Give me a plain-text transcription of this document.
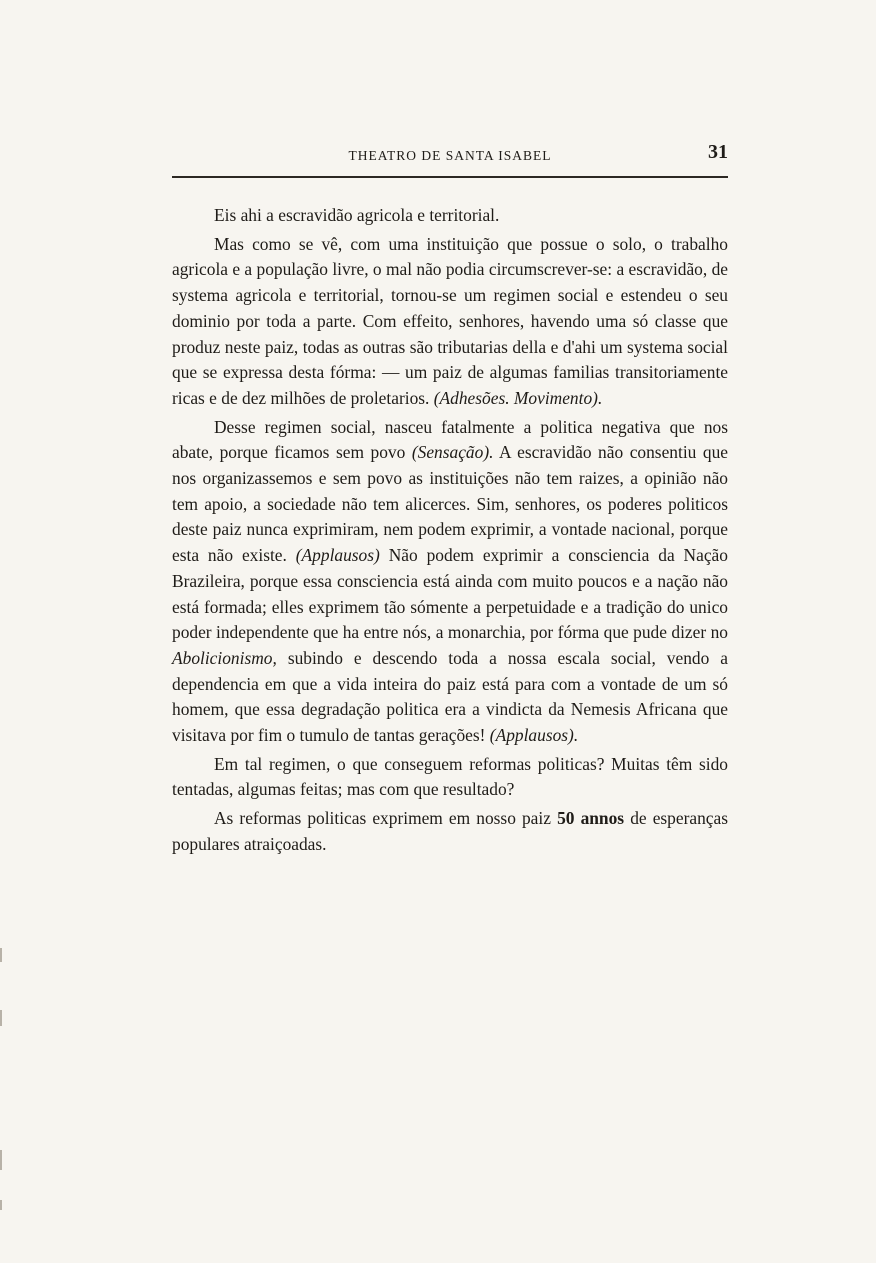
THEATRO DE SANTA ISABEL	31

Eis ahi a escravidão agricola e territorial.

Mas como se vê, com uma instituição que possue o solo, o trabalho agricola e a população livre, o mal não podia circumscrever-se: a escravidão, de systema agricola e territorial, tornou-se um regimen social e estendeu o seu dominio por toda a parte. Com effeito, senhores, havendo uma só classe que produz neste paiz, todas as outras são tributarias della e d'ahi um systema social que se expressa desta fórma: — um paiz de algumas familias transitoriamente ricas e de dez milhões de proletarios. (Adhesões. Movimento).

Desse regimen social, nasceu fatalmente a politica negativa que nos abate, porque ficamos sem povo (Sensação). A escravidão não consentiu que nos organizassemos e sem povo as instituições não tem raizes, a opinião não tem apoio, a sociedade não tem alicerces. Sim, senhores, os poderes politicos deste paiz nunca exprimiram, nem podem exprimir, a vontade nacional, porque esta não existe. (Applausos) Não podem exprimir a consciencia da Nação Brazileira, porque essa consciencia está ainda com muito poucos e a nação não está formada; elles exprimem tão sómente a perpetuidade e a tradição do unico poder independente que ha entre nós, a monarchia, por fórma que pude dizer no Abolicionismo, subindo e descendo toda a nossa escala social, vendo a dependencia em que a vida inteira do paiz está para com a vontade de um só homem, que essa degradação politica era a vindicta da Nemesis Africana que visitava por fim o tumulo de tantas gerações! (Applausos).

Em tal regimen, o que conseguem reformas politicas? Muitas têm sido tentadas, algumas feitas; mas com que resultado?

As reformas politicas exprimem em nosso paiz 50 annos de esperanças populares atraiçoadas.
